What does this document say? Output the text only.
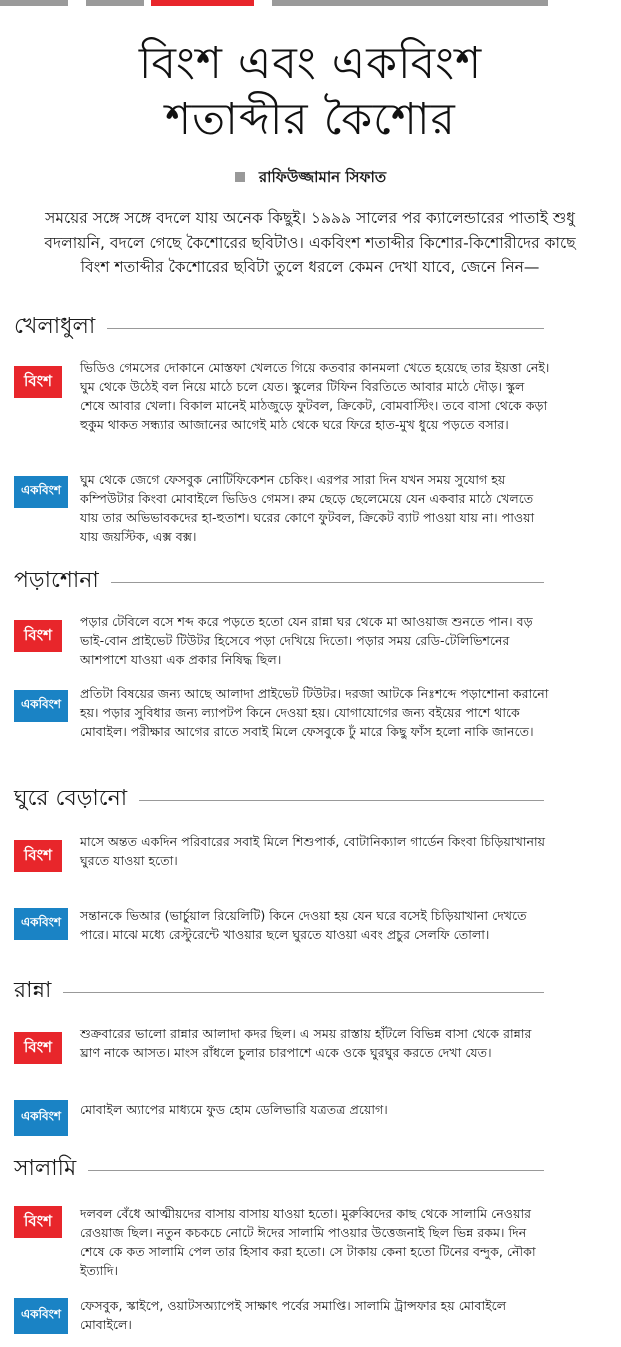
বিংশ এবং একবিংশ
শতাব্দীর কৈশোর
রাফিউজ্জামান সিফাত
সময়ের সঙ্গে সঙ্গে বদলে যায় অনেক কিছুই। ১৯৯৯ সালের পর ক্যালেন্ডারের পাতাই শুধু বদলায়নি, বদলে গেছে কৈশোরের ছবিটাও। একবিংশ শতাব্দীর কিশোর-কিশোরীদের কাছে বিংশ শতাব্দীর কৈশোরের ছবিটা তুলে ধরলে কেমন দেখা যাবে, জেনে নিন—
খেলাধুলা
বিংশ
ভিডিও গেমসের দোকানে মোস্তফা খেলতে গিয়ে কতবার কানমলা খেতে হয়েছে তার ইয়ত্তা নেই। ঘুম থেকে উঠেই বল নিয়ে মাঠে চলে যেত। স্কুলের টিফিন বিরতিতে আবার মাঠে দৌড়। স্কুল শেষে আবার খেলা। বিকাল মানেই মাঠজুড়ে ফুটবল, ক্রিকেট, বোমবাস্টিং। তবে বাসা থেকে কড়া হুকুম থাকত সন্ধ্যার আজানের আগেই মাঠ থেকে ঘরে ফিরে হাত-মুখ ধুয়ে পড়তে বসার।
একবিংশ
ঘুম থেকে জেগে ফেসবুক নোটিফিকেশন চেকিং। এরপর সারা দিন যখন সময় সুযোগ হয় কম্পিউটার কিংবা মোবাইলে ভিডিও গেমস। রুম ছেড়ে ছেলেমেয়ে যেন একবার মাঠে খেলতে যায় তার অভিভাবকদের হা-হুতাশ। ঘরের কোণে ফুটবল, ক্রিকেট ব্যাট পাওয়া যায় না। পাওয়া যায় জয়স্টিক, এক্স বক্স।
পড়াশোনা
বিংশ
পড়ার টেবিলে বসে শব্দ করে পড়তে হতো যেন রান্না ঘর থেকে মা আওয়াজ শুনতে পান। বড় ভাই-বোন প্রাইভেট টিউটর হিসেবে পড়া দেখিয়ে দিতো। পড়ার সময় রেডি-টেলিভিশনের আশপাশে যাওয়া এক প্রকার নিষিদ্ধ ছিল।
একবিংশ
প্রতিটা বিষয়ের জন্য আছে আলাদা প্রাইভেট টিউটর। দরজা আটকে নিঃশব্দে পড়াশোনা করানো হয়। পড়ার সুবিধার জন্য ল্যাপটপ কিনে দেওয়া হয়। যোগাযোগের জন্য বইয়ের পাশে থাকে মোবাইল। পরীক্ষার আগের রাতে সবাই মিলে ফেসবুকে ঢুঁ মারে কিছু ফাঁস হলো নাকি জানতে।
ঘুরে বেড়ানো
বিংশ
মাসে অন্তত একদিন পরিবারের সবাই মিলে শিশুপার্ক, বোটানিক্যাল গার্ডেন কিংবা চিড়িয়াখানায় ঘুরতে যাওয়া হতো।
একবিংশ	সন্তানকে ভিআর (ভার্চুয়াল রিয়েলিটি) কিনে দেওয়া হয় যেন ঘরে বসেই চিড়িয়াখানা দেখতে পারে। মাঝে মধ্যে রেস্টুরেন্টে খাওয়ার ছলে ঘুরতে যাওয়া এবং প্রচুর সেলফি তোলা।
রান্না
বিংশ
শুক্রবারের ভালো রান্নার আলাদা কদর ছিল। এ সময় রাস্তায় হাঁটলে বিভিন্ন বাসা থেকে রান্নার ঘ্রাণ নাকে আসত। মাংস রাঁধলে চুলার চারপাশে একে ওকে ঘুরঘুর করতে দেখা যেত।
একবিংশ	মোবাইল অ্যাপের মাধ্যমে ফুড হোম ডেলিভারি যত্রতত্র প্রয়োগ।
সালামি
বিংশ	দলবল বেঁধে আত্মীয়দের বাসায় বাসায় যাওয়া হতো। মুরুব্বিদের কাছ থেকে সালামি নেওয়ার রেওয়াজ ছিল। নতুন কচকচে নোটে ঈদের সালামি পাওয়ার উত্তেজনাই ছিল ভিন্ন রকম। দিন শেষে কে কত সালামি পেল তার হিসাব করা হতো। সে টাকায় কেনা হতো টিনের বন্দুক, নৌকা ইত্যাদি।
একবিংশ
ফেসবুক, স্কাইপে, ওয়াটসঅ্যাপেই সাক্ষাৎ পর্বের সমাপ্তি। সালামি ট্রান্সফার হয় মোবাইলে মোবাইলে।
